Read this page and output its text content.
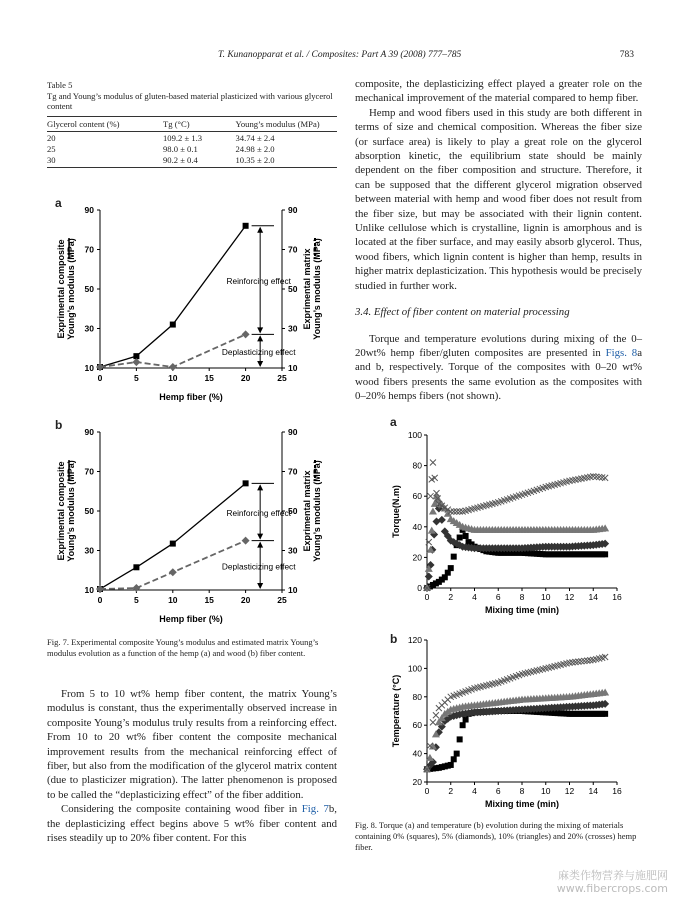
T. Kunanopparat et al. / Composites: Part A 39 (2008) 777–785	783
Table 5
Tg and Young’s modulus of gluten-based material plasticized with various glycerol content
Glycerol content (%)	Tg (°C)	Young’s modulus (MPa)
20	109.2 ± 1.3	34.74 ± 2.4
25	98.0 ± 0.1	24.98 ± 2.0
30	90.2 ± 0.4	10.35 ± 2.0
a
b
10	10
30	30
50	50
70	70
90	90
0	5	10	15	20	25
Reinforcing effect
Deplasticizing effect
Hemp fiber (%)
Exprimental compositeYoung’s modulus (MPa)	Exprimental matrixYoung’s modulus (MPa)
10	10
30	30
50	50
70	70
90	90
0	5	10	15	20	25
Reinforcing effect
Deplasticizing effect
Hemp fiber (%)
Exprimental compositeYoung’s modulus (MPa)	Exprimental matrixYoung’s modulus (MPa)
Fig. 7. Experimental composite Young’s modulus and estimated matrix Young’s modulus evolution as a function of the hemp (a) and wood (b) fiber content.
From 5 to 10 wt% hemp fiber content, the matrix Young’s modulus is constant, thus the experimentally observed increase in composite Young’s modulus truly results from a reinforcing effect. From 10 to 20 wt% fiber content the composite mechanical improvement results from the mechanical reinforcing effect of fiber, but also from the modification of the glycerol matrix content (due to plasticizer migration). The latter phenomenon is proposed to be called the “deplasticizing effect” of the fiber addition.
Considering the composite containing wood fiber in Fig. 7b, the deplasticizing effect begins above 5 wt% fiber content and rises steadily up to 20% fiber content. For this
composite, the deplasticizing effect played a greater role on the mechanical improvement of the material compared to hemp fiber.
Hemp and wood fibers used in this study are both different in terms of size and chemical composition. Whereas the fiber size (or surface area) is likely to play a great role on the glycerol absorption kinetic, the equilibrium state should be mainly dependent on the fiber composition and structure. Therefore, it can be supposed that the different glycerol migration observed between material with hemp and wood fiber does not result from the fiber size, but may be associated with their lignin content. Unlike cellulose which is crystalline, lignin is amorphous and is located at the fiber surface, and may easily absorb glycerol. Thus, wood fibers, which lignin content is higher than hemp, results in higher matrix deplasticization. This hypothesis would be precisely studied in further work.
3.4. Effect of fiber content on material processing
Torque and temperature evolutions during mixing of the 0–20wt% hemp fiber/gluten composites are presented in Figs. 8a and b, respectively. Torque of the composites with 0–20 wt% wood fibers presents the same evolution as the composites with 0–20% hemps fibers (not shown).
a
b
0
20
40
60
80
100
0 2 4 6 8 10 12 14 16
Mixing time (min)
Torque(N.m)
20
40
60
80
100
120
0 2 4 6 8 10 12 14 16
Mixing time (min)
Temperature (°C)
Fig. 8. Torque (a) and temperature (b) evolution during the mixing of materials containing 0% (squares), 5% (diamonds), 10% (triangles) and 20% (crosses) hemp fiber.
麻类作物营养与施肥网
www.fibercrops.com
